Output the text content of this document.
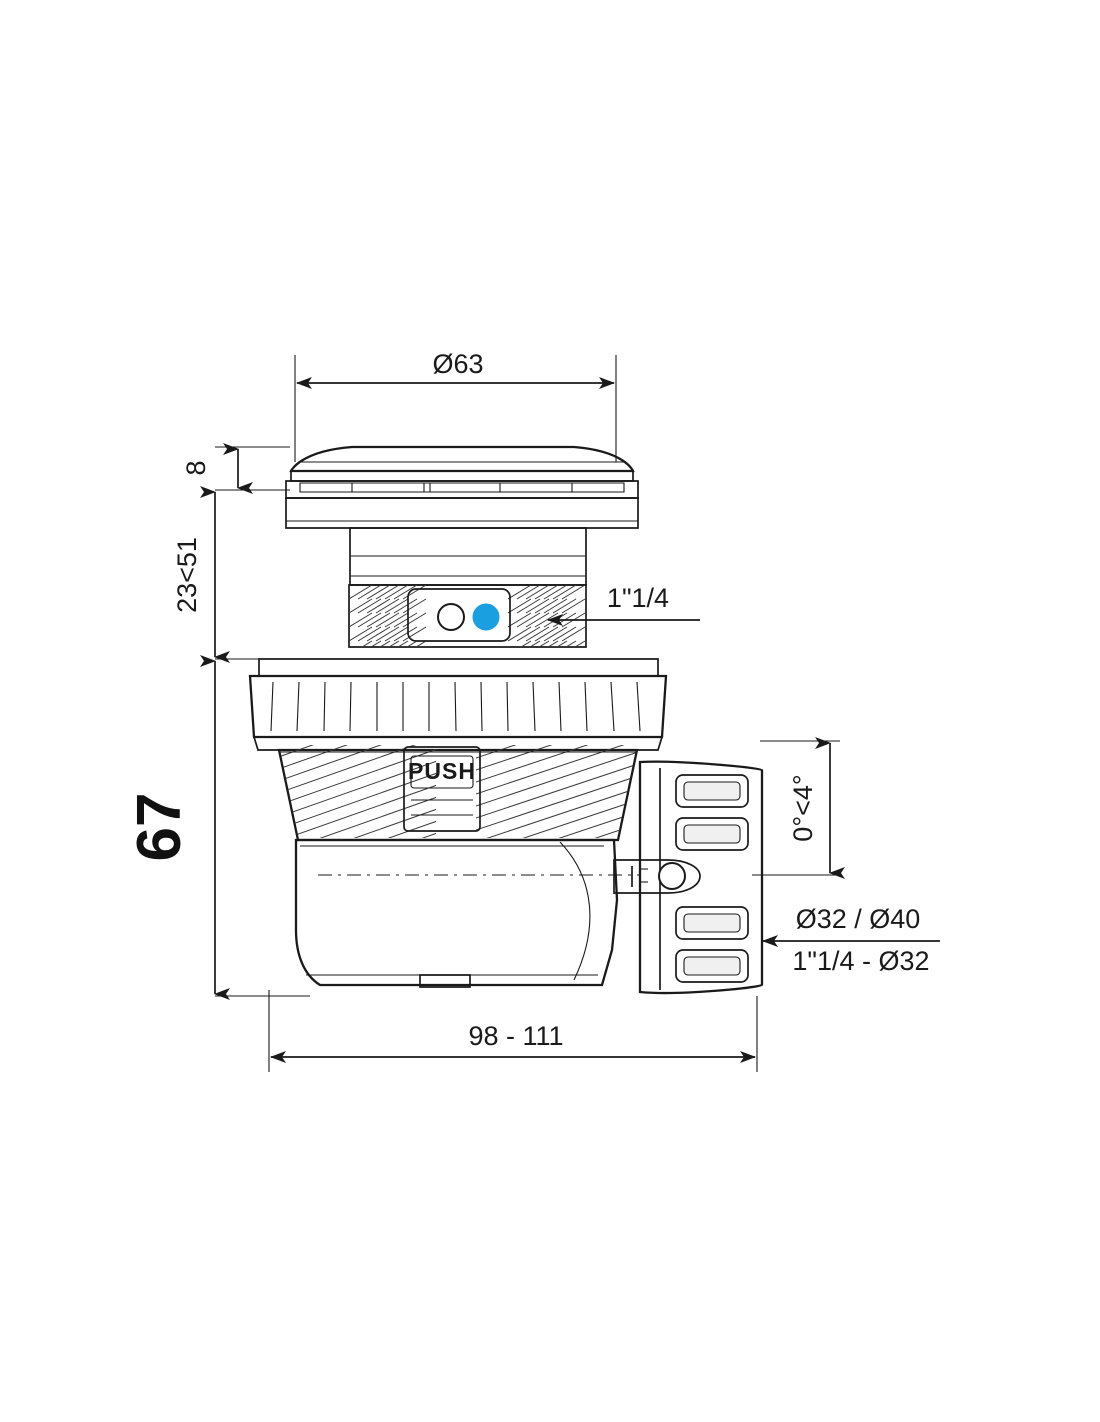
PUSH
Ø63
8
23<51
67
1"1/4
0°<4°
Ø32 / Ø40
1"1/4 - Ø32
98 - 111
